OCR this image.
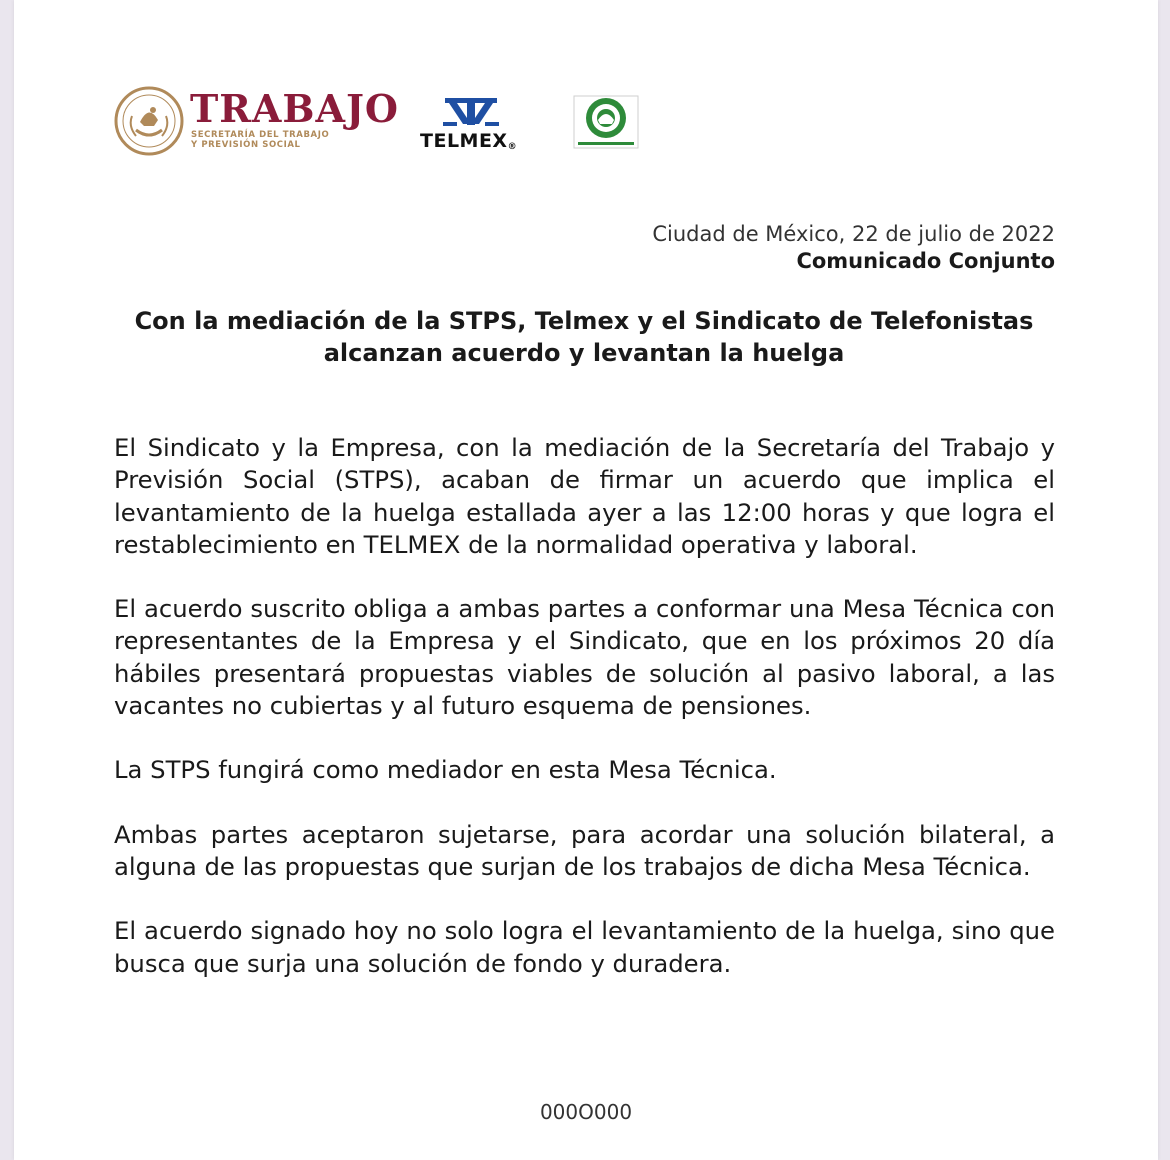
TRABAJO
SECRETARÍA DEL TRABAJO
Y PREVISIÓN SOCIAL	TELMEX®
Ciudad de México, 22 de julio de 2022
Comunicado Conjunto
Con la mediación de la STPS, Telmex y el Sindicato de Telefonistas
alcanzan acuerdo y levantan la huelga

El Sindicato y la Empresa, con la mediación de la Secretaría del Trabajo y Previsión Social (STPS), acaban de firmar un acuerdo que implica el levantamiento de la huelga estallada ayer a las 12:00 horas y que logra el restablecimiento en TELMEX de la normalidad operativa y laboral.

El acuerdo suscrito obliga a ambas partes a conformar una Mesa Técnica con representantes de la Empresa y el Sindicato, que en los próximos 20 día hábiles presentará propuestas viables de solución al pasivo laboral, a las vacantes no cubiertas y al futuro esquema de pensiones.

La STPS fungirá como mediador en esta Mesa Técnica.

Ambas partes aceptaron sujetarse, para acordar una solución bilateral, a alguna de las propuestas que surjan de los trabajos de dicha Mesa Técnica.

El acuerdo signado hoy no solo logra el levantamiento de la huelga, sino que busca que surja una solución de fondo y duradera.

000O000
